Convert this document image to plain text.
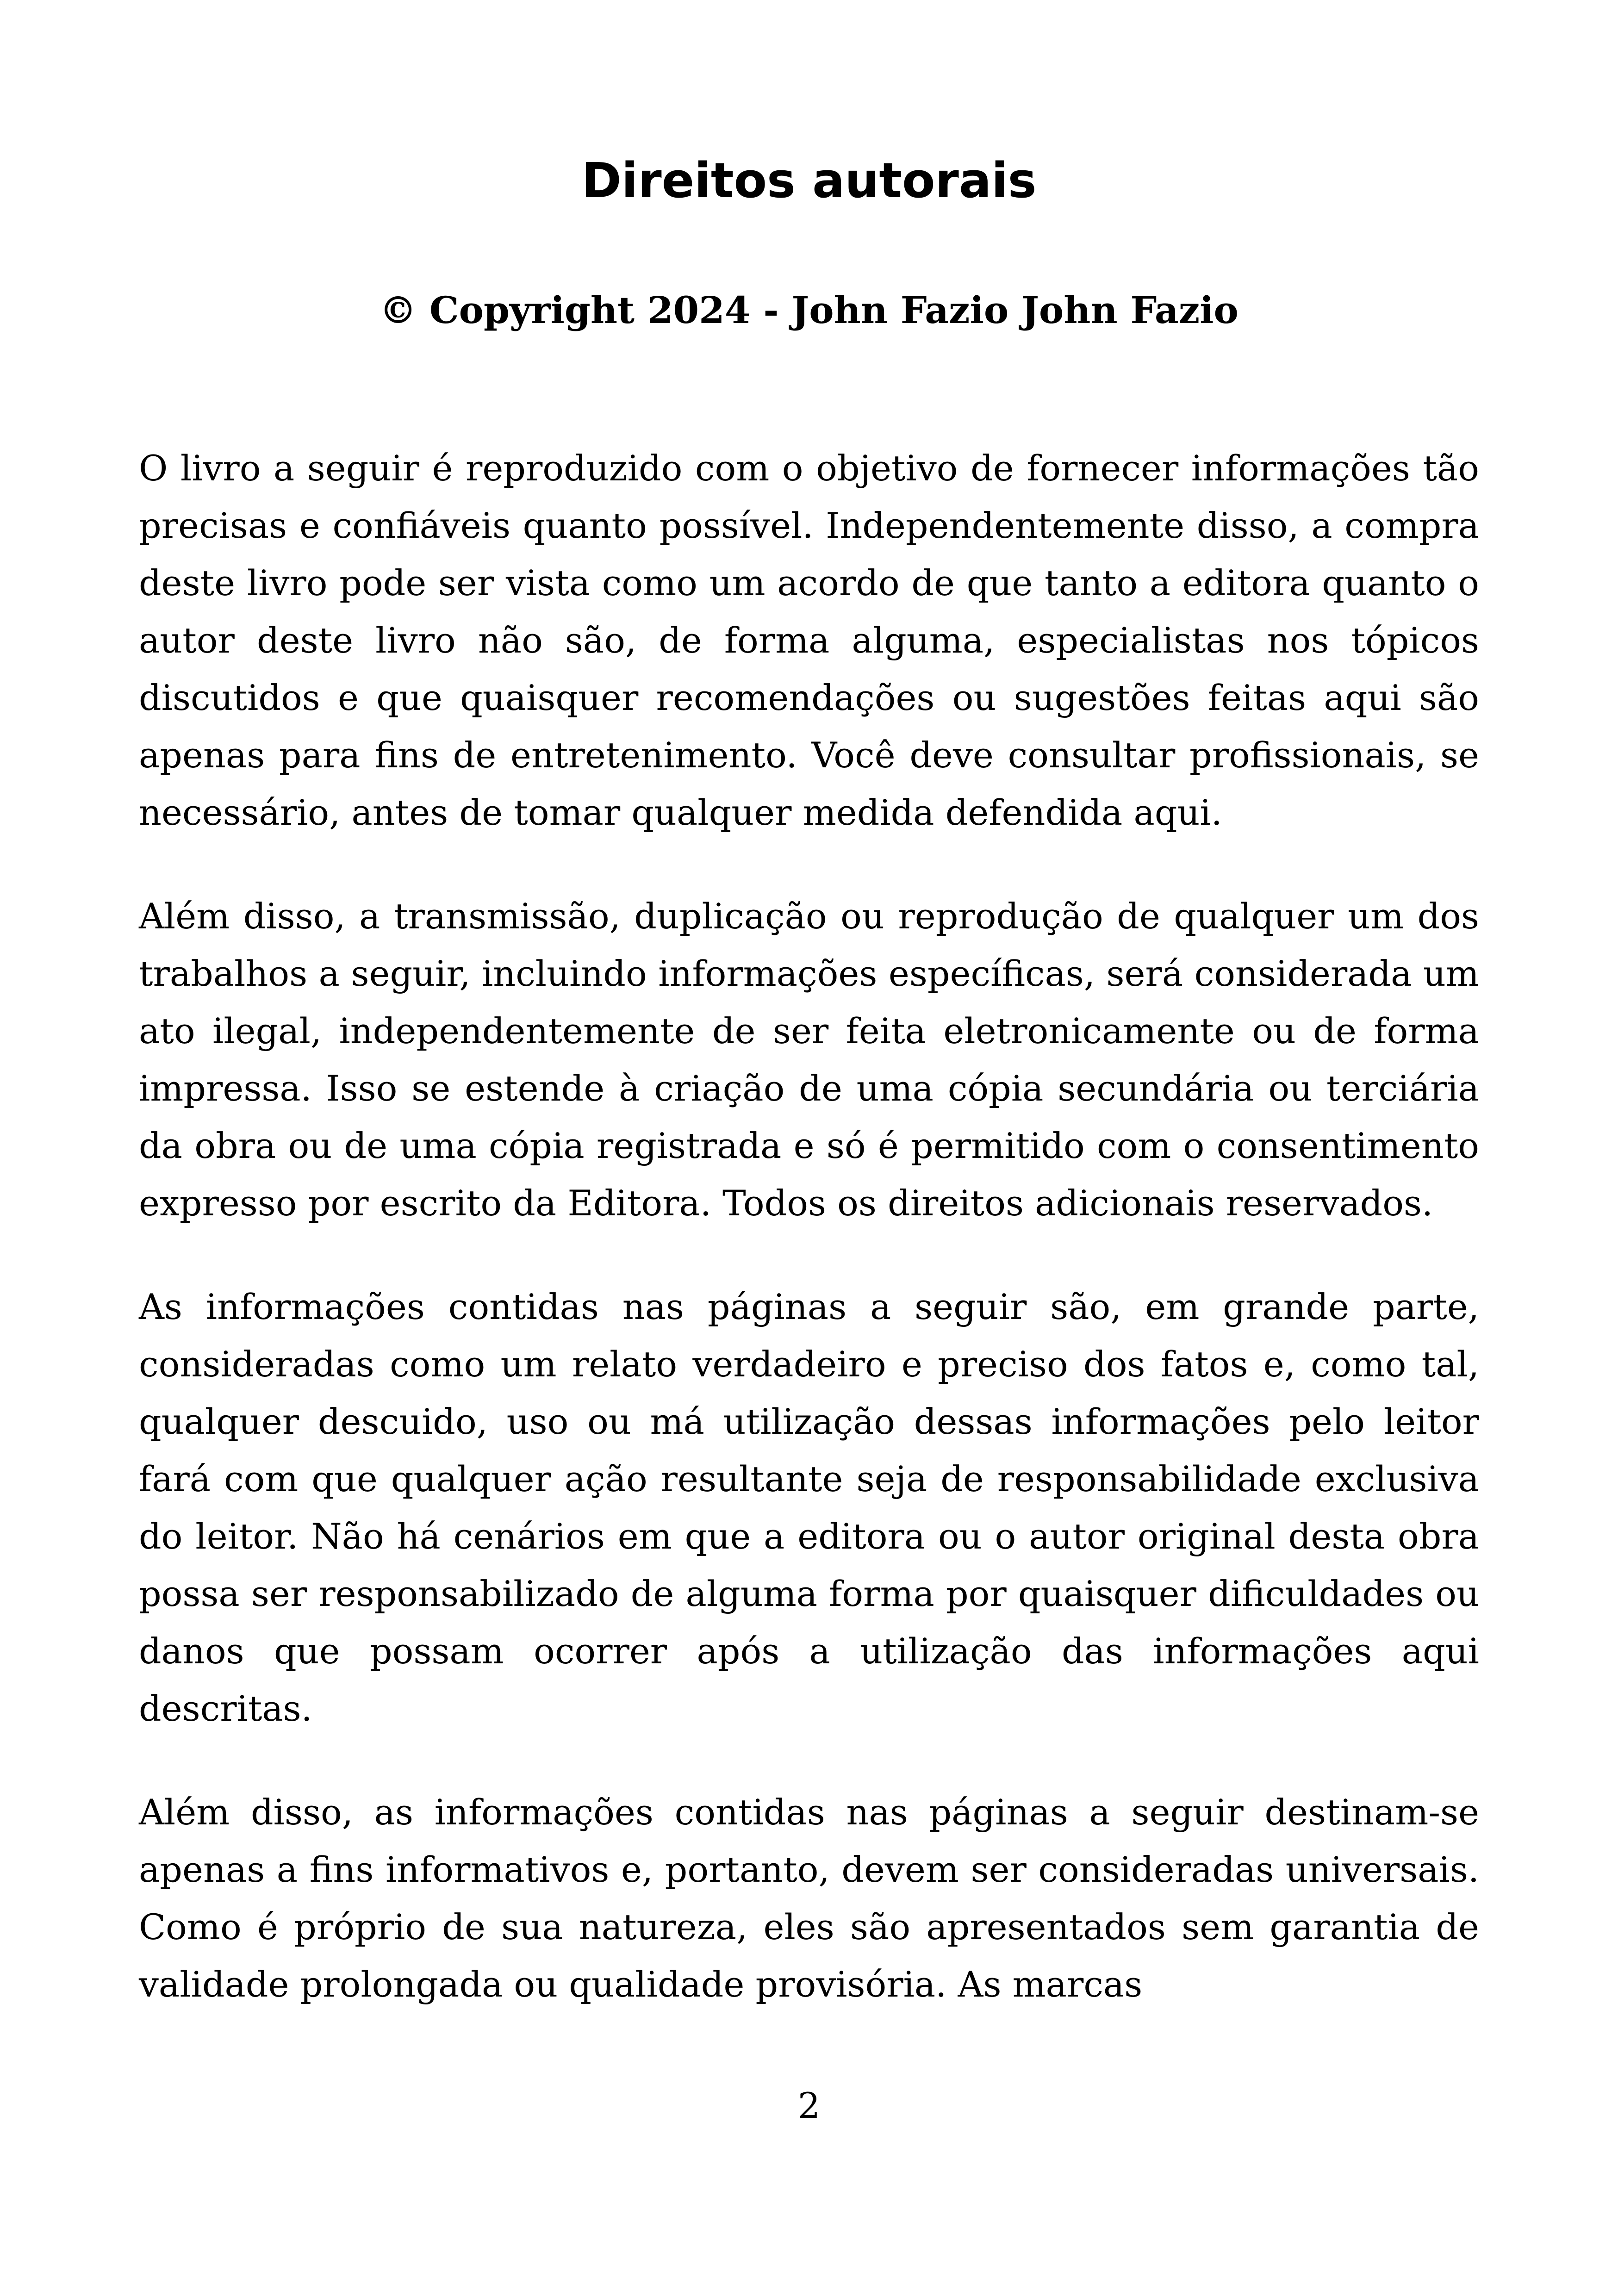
Direitos autorais
© Copyright 2024 - John Fazio John Fazio

O livro a seguir é reproduzido com o objetivo de fornecer informações tão precisas e confiáveis quanto possível. Independentemente disso, a compra deste livro pode ser vista como um acordo de que tanto a editora quanto o autor deste livro não são, de forma alguma, especialistas nos tópicos discutidos e que quaisquer recomendações ou sugestões feitas aqui são apenas para fins de entretenimento. Você deve consultar profissionais, se necessário, antes de tomar qualquer medida defendida aqui.

Além disso, a transmissão, duplicação ou reprodução de qualquer um dos trabalhos a seguir, incluindo informações específicas, será considerada um ato ilegal, independentemente de ser feita eletronicamente ou de forma impressa. Isso se estende à criação de uma cópia secundária ou terciária da obra ou de uma cópia registrada e só é permitido com o consentimento expresso por escrito da Editora. Todos os direitos adicionais reservados.

As informações contidas nas páginas a seguir são, em grande parte, consideradas como um relato verdadeiro e preciso dos fatos e, como tal, qualquer descuido, uso ou má utilização dessas informações pelo leitor fará com que qualquer ação resultante seja de responsabilidade exclusiva do leitor. Não há cenários em que a editora ou o autor original desta obra possa ser responsabilizado de alguma forma por quaisquer dificuldades ou danos que possam ocorrer após a utilização das informações aqui descritas.

Além disso, as informações contidas nas páginas a seguir destinam-se apenas a fins informativos e, portanto, devem ser consideradas universais. Como é próprio de sua natureza, eles são apresentados sem garantia de validade prolongada ou qualidade provisória. As marcas

2
